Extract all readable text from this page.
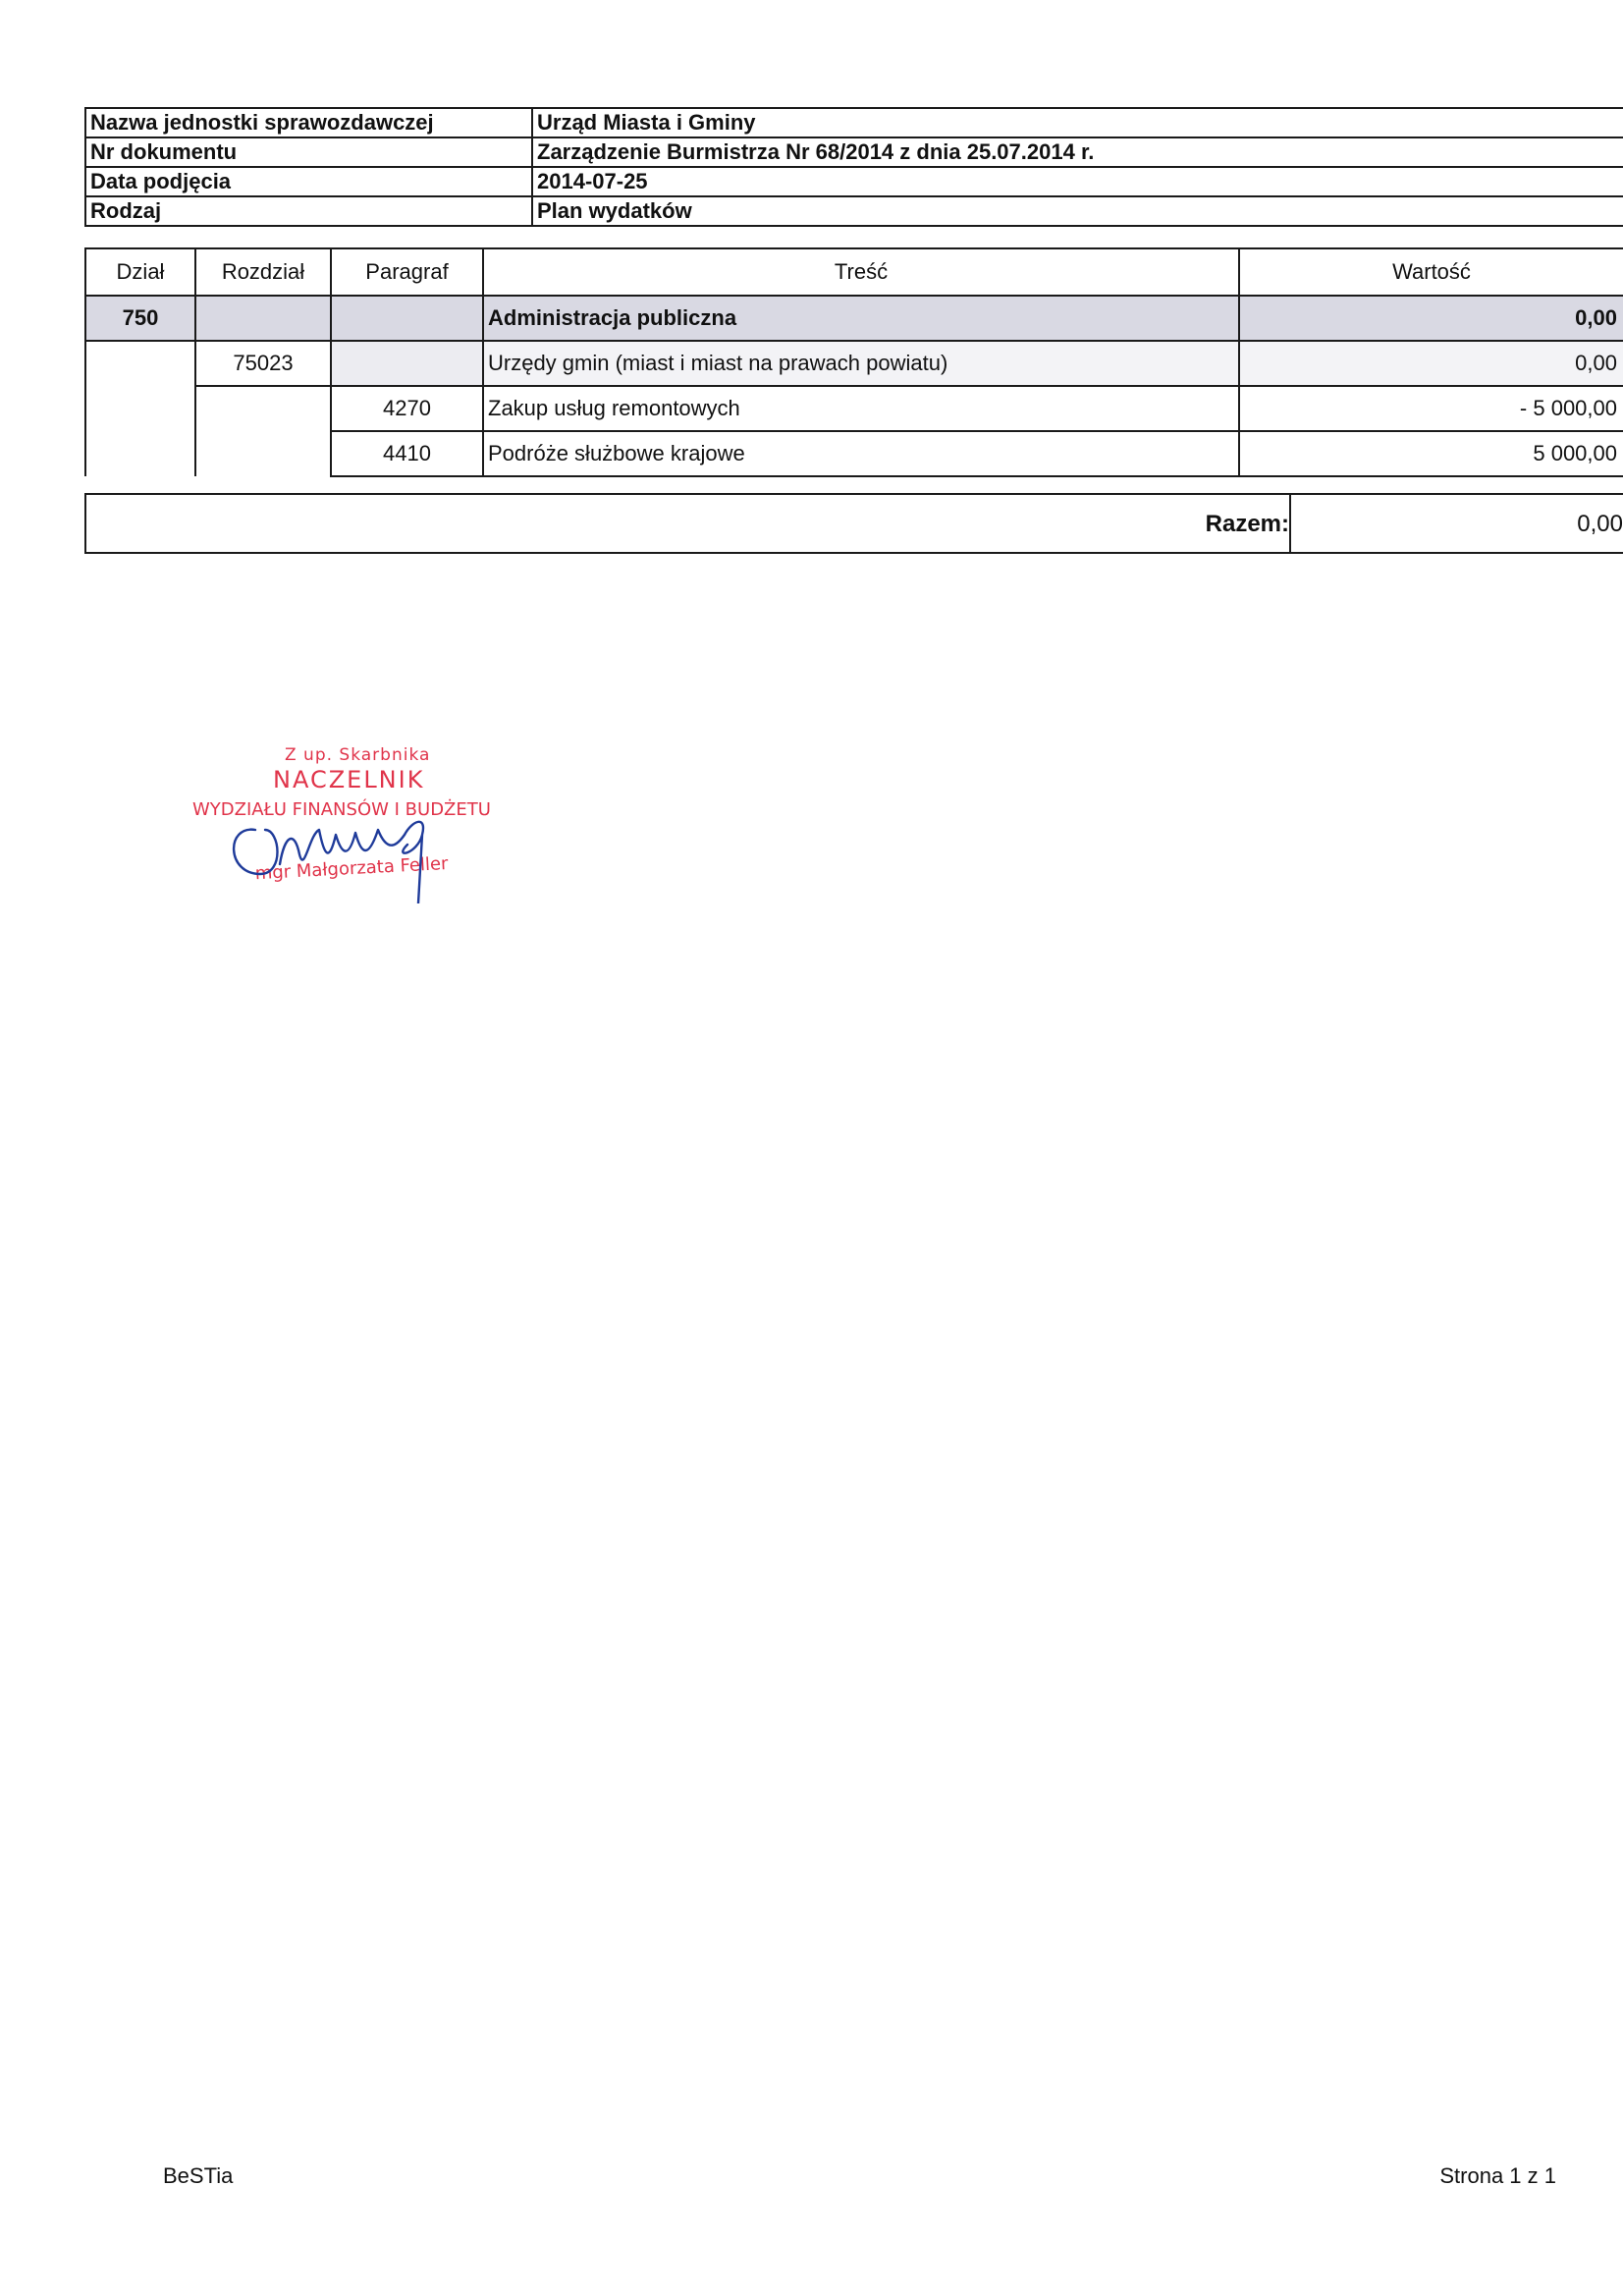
Nazwa jednostki sprawozdawczej	Urząd Miasta i Gminy
Nr dokumentu	Zarządzenie Burmistrza Nr 68/2014 z dnia 25.07.2014 r.
Data podjęcia	2014-07-25
Rodzaj	Plan wydatków
Dział	Rozdział	Paragraf	Treść	Wartość
750			Administracja publiczna	0,00
	75023		Urzędy gmin (miast i miast na prawach powiatu)	0,00
		4270	Zakup usług remontowych	- 5 000,00
		4410	Podróże służbowe krajowe	5 000,00
Razem:	0,00
Z up. Skarbnika
NACZELNIK
WYDZIAŁU FINANSÓW I BUDŻETU
mgr Małgorzata Feller
BeSTia	Strona 1 z 1
